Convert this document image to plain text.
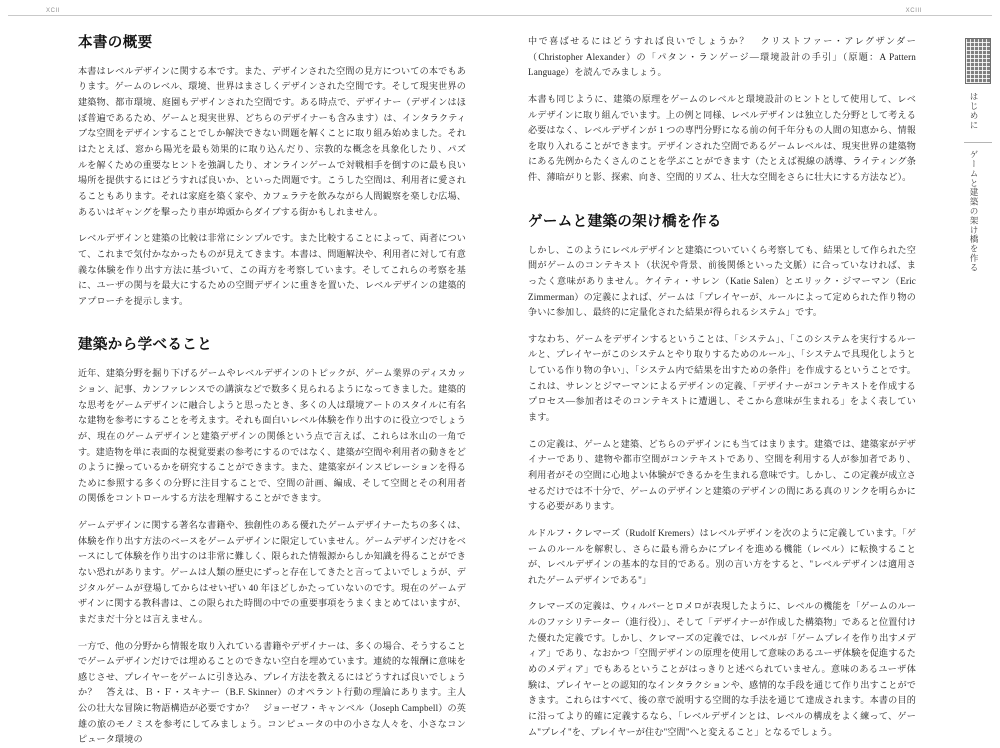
xcii	xciii
本書の概要

本書はレベルデザインに関する本です。また、デザインされた空間の見方についての本でもあります。ゲームのレベル、環境、世界はまさしくデザインされた空間です。そして現実世界の建築物、都市環境、庭園もデザインされた空間です。ある時点で、デザイナー（デザインはほぼ普遍であるため、ゲームと現実世界、どちらのデザイナーも含みます）は、インタラクティブな空間をデザインすることでしか解決できない問題を解くことに取り組み始めました。それはたとえば、窓から陽光を最も効果的に取り込んだり、宗教的な概念を具象化したり、パズルを解くための重要なヒントを強調したり、オンラインゲームで対戦相手を倒すのに最も良い場所を提供するにはどうすれば良いか、といった問題です。こうした空間は、利用者に愛されることもあります。それは家庭を築く家や、カフェラテを飲みながら人間観察を楽しむ広場、あるいはギャングを撃ったり車が埠頭からダイブする街かもしれません。

レベルデザインと建築の比較は非常にシンプルです。また比較することによって、両者について、これまで気付かなかったものが見えてきます。本書は、問題解決や、利用者に対して有意義な体験を作り出す方法に基づいて、この両方を考察しています。そしてこれらの考察を基に、ユーザの関与を最大にするための空間デザインに重きを置いた、レベルデザインの建築的アプローチを提示します。

建築から学べること

近年、建築分野を掘り下げるゲームやレベルデザインのトピックが、ゲーム業界のディスカッション、記事、カンファレンスでの講演などで数多く見られるようになってきました。建築的な思考をゲームデザインに融合しようと思ったとき、多くの人は環境アートのスタイルに有名な建物を参考にすることを考えます。それも面白いレベル体験を作り出すのに役立つでしょうが、現在のゲームデザインと建築デザインの関係という点で言えば、これらは氷山の一角です。建造物を単に表面的な視覚要素の参考にするのではなく、建築が空間や利用者の動きをどのように操っているかを研究することができます。また、建築家がインスピレーションを得るために参照する多くの分野に注目することで、空間の計画、編成、そして空間とその利用者の関係をコントロールする方法を理解することができます。

ゲームデザインに関する著名な書籍や、独創性のある優れたゲームデザイナーたちの多くは、体験を作り出す方法のベースをゲームデザインに限定していません。ゲームデザインだけをベースにして体験を作り出すのは非常に難しく、限られた情報源からしか知識を得ることができない恐れがあります。ゲームは人類の歴史にずっと存在してきたと言ってよいでしょうが、デジタルゲームが登場してからはせいぜい 40 年ほどしかたっていないのです。現在のゲームデザインに関する教科書は、この限られた時間の中での重要事項をうまくまとめてはいますが、まだまだ十分とは言えません。

一方で、他の分野から情報を取り入れている書籍やデザイナーは、多くの場合、そうすることでゲームデザインだけでは埋めることのできない空白を埋めています。連続的な報酬に意味を感じさせ、プレイヤーをゲームに引き込み、プレイ方法を教えるにはどうすれば良いでしょうか？　答えは、Ｂ・Ｆ・スキナー（B.F. Skinner）のオペラント行動の理論にあります。主人公の壮大な冒険に物語構造が必要ですか？　ジョーゼフ・キャンベル（Joseph Campbell）の英雄の旅のモノミスを参考にしてみましょう。コンピュータの中の小さな人々を、小さなコンピュータ環境の

中で喜ばせるにはどうすれば良いでしょうか？　クリストファー・アレグザンダー（Christopher Alexander）の「パタン・ランゲージ―環境設計の手引」（原題：A Pattern Language）を読んでみましょう。

本書も同じように、建築の原理をゲームのレベルと環境設計のヒントとして使用して、レベルデザインに取り組んでいます。上の例と同様、レベルデザインは独立した分野として考える必要はなく、レベルデザインが 1 つの専門分野になる前の何千年分もの人間の知恵から、情報を取り入れることができます。デザインされた空間であるゲームレベルは、現実世界の建築物にある先例からたくさんのことを学ぶことができます（たとえば視線の誘導、ライティング条件、薄暗がりと影、探索、向き、空間的リズム、壮大な空間をさらに壮大にする方法など）。

ゲームと建築の架け橋を作る

しかし、このようにレベルデザインと建築についていくら考察しても、結果として作られた空間がゲームのコンテキスト（状況や背景、前後関係といった文脈）に合っていなければ、まったく意味がありません。ケイティ・サレン（Katie Salen）とエリック・ジマーマン（Eric Zimmerman）の定義によれば、ゲームは「プレイヤーが、ルールによって定められた作り物の争いに参加し、最終的に定量化された結果が得られるシステム」です。

すなわち、ゲームをデザインするということは、「システム」、「このシステムを実行するルールと、プレイヤーがこのシステムとやり取りするためのルール」、「システムで具現化しようとしている作り物の争い」、「システム内で結果を出すための条件」を作成するということです。これは、サレンとジマーマンによるデザインの定義、「デザイナーがコンテキストを作成するプロセス―参加者はそのコンテキストに遭遇し、そこから意味が生まれる」をよく表しています。

この定義は、ゲームと建築、どちらのデザインにも当てはまります。建築では、建築家がデザイナーであり、建物や都市空間がコンテキストであり、空間を利用する人が参加者であり、利用者がその空間に心地よい体験ができるかを生まれる意味です。しかし、この定義が成立させるだけでは不十分で、ゲームのデザインと建築のデザインの間にある真のリンクを明らかにする必要があります。

ルドルフ・クレマーズ（Rudolf Kremers）はレベルデザインを次のように定義しています。「ゲームのルールを解釈し、さらに最も滑らかにプレイを進める機能（レベル）に転換することが、レベルデザインの基本的な目的である。別の言い方をすると、"レベルデザインは適用されたゲームデザインである"」

クレマーズの定義は、ウィルバーとロメロが表現したように、レベルの機能を「ゲームのルールのファシリテーター（進行役）」、そして「デザイナーが作成した構築物」であると位置付けた優れた定義です。しかし、クレマーズの定義では、レベルが「ゲームプレイを作り出すメディア」であり、なおかつ「空間デザインの原理を使用して意味のあるユーザ体験を促進するためのメディア」でもあるということがはっきりと述べられていません。意味のあるユーザ体験は、プレイヤーとの認知的なインタラクションや、感情的な手段を通じて作り出すことができます。これらはすべて、後の章で説明する空間的な手法を通じて達成されます。本書の目的に沿ってより的確に定義するなら、「レベルデザインとは、レベルの構成をよく練って、ゲーム"プレイ"を、プレイヤーが住む"空間"へと変えること」となるでしょう。

はじめに
ゲームと建築の架け橋を作る
